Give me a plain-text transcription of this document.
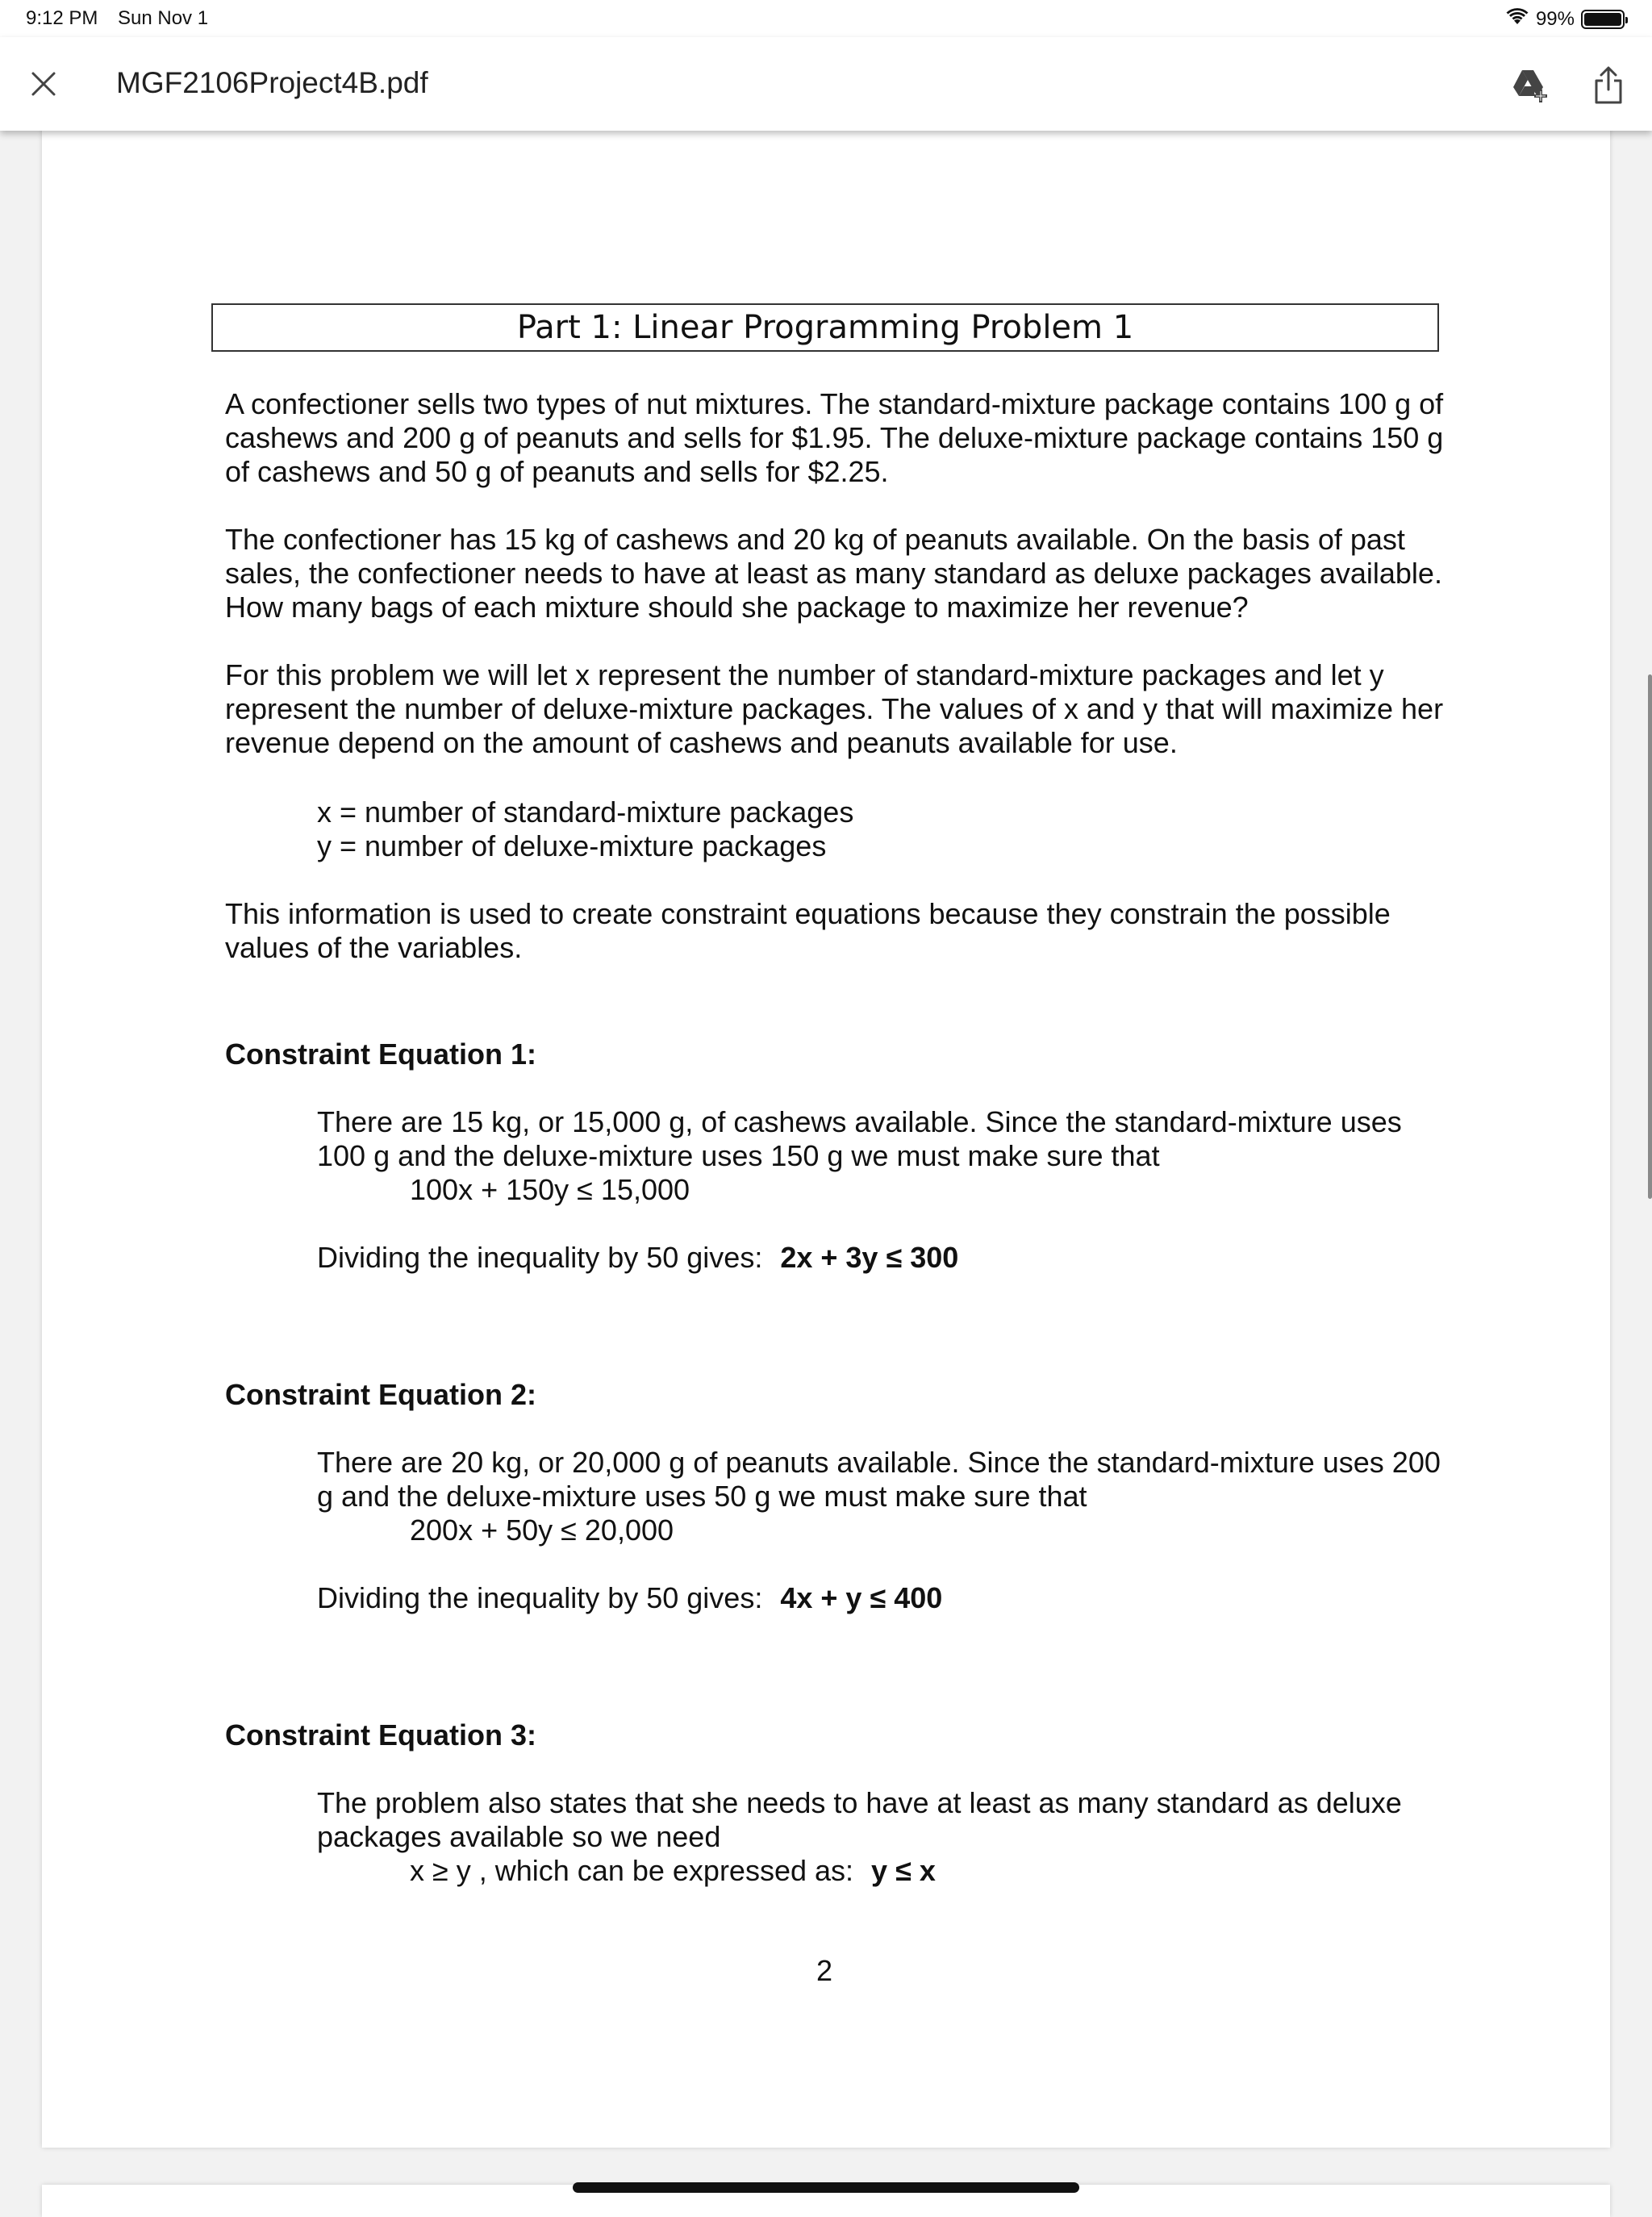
9:12 PM Sun Nov 1	99%
MGF2106Project4B.pdf
Part 1: Linear Programming Problem 1
A confectioner sells two types of nut mixtures. The standard-mixture package contains 100 g of
cashews and 200 g of peanuts and sells for $1.95. The deluxe-mixture package contains 150 g
of cashews and 50 g of peanuts and sells for $2.25.
The confectioner has 15 kg of cashews and 20 kg of peanuts available. On the basis of past
sales, the confectioner needs to have at least as many standard as deluxe packages available.
How many bags of each mixture should she package to maximize her revenue?
For this problem we will let x represent the number of standard-mixture packages and let y
represent the number of deluxe-mixture packages. The values of x and y that will maximize her
revenue depend on the amount of cashews and peanuts available for use.
x = number of standard-mixture packages
y = number of deluxe-mixture packages
This information is used to create constraint equations because they constrain the possible
values of the variables.
Constraint Equation 1:
There are 15 kg, or 15,000 g, of cashews available. Since the standard-mixture uses
100 g and the deluxe-mixture uses 150 g we must make sure that
100x + 150y ≤ 15,000
Dividing the inequality by 50 gives: 2x + 3y ≤ 300
Constraint Equation 2:
There are 20 kg, or 20,000 g of peanuts available. Since the standard-mixture uses 200
g and the deluxe-mixture uses 50 g we must make sure that
200x + 50y ≤ 20,000
Dividing the inequality by 50 gives: 4x + y ≤ 400
Constraint Equation 3:
The problem also states that she needs to have at least as many standard as deluxe
packages available so we need
x ≥ y , which can be expressed as: y ≤ x
2
